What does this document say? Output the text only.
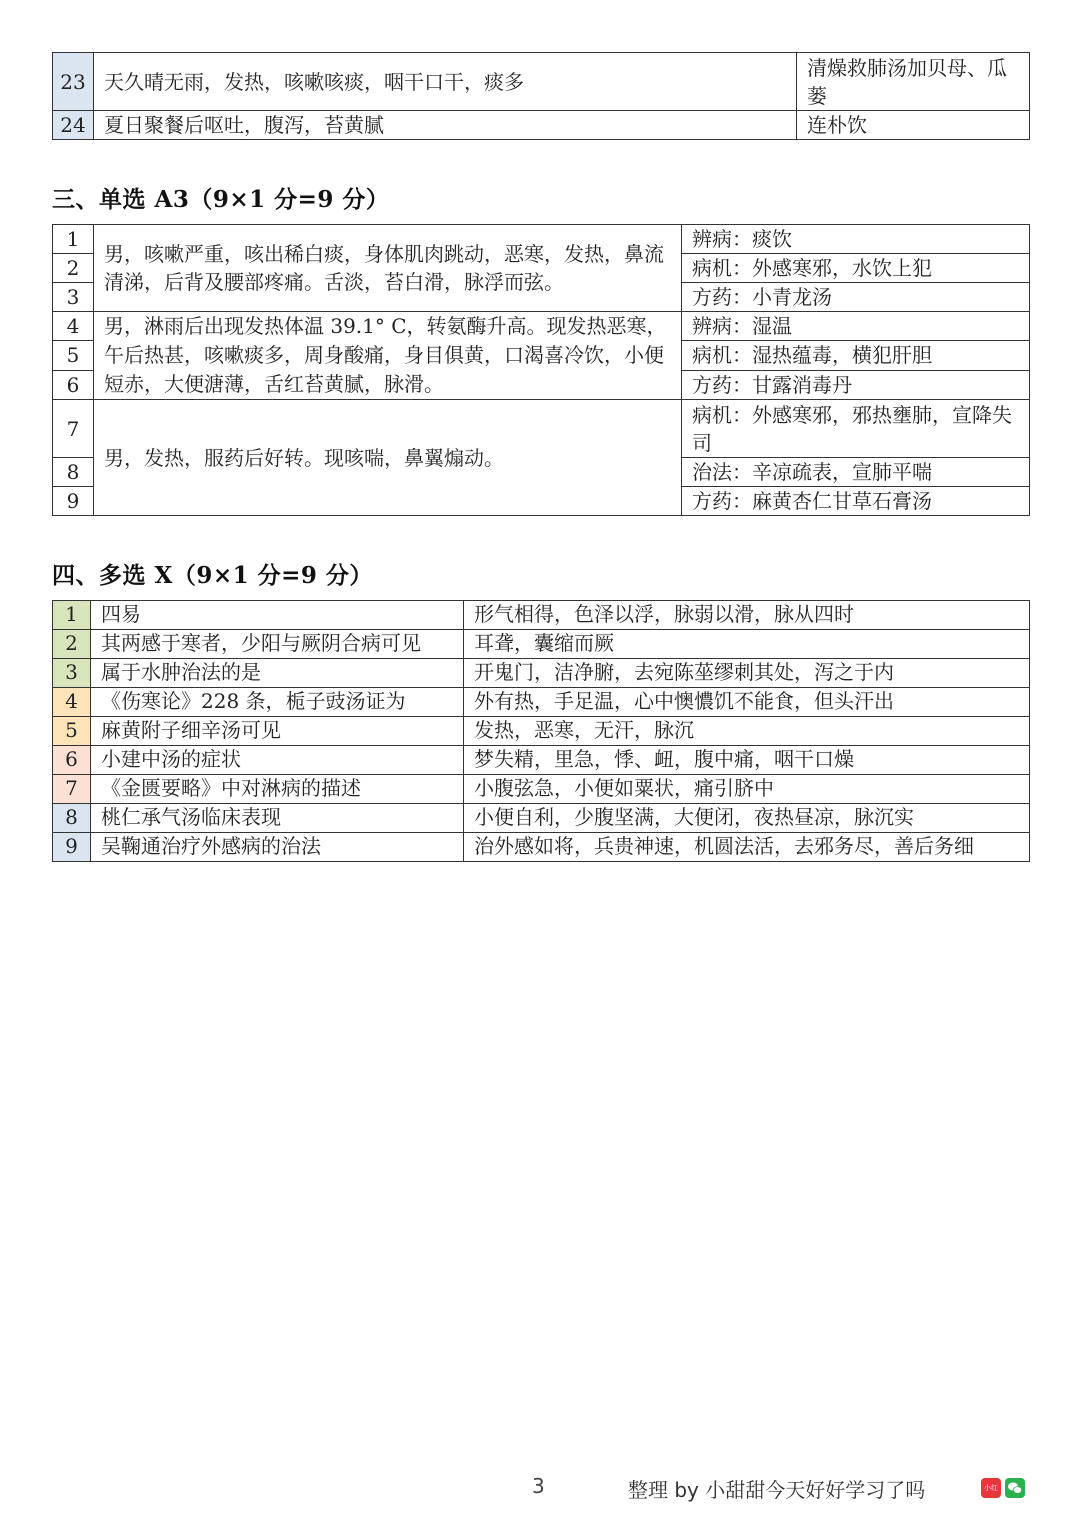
23	天久晴无雨，发热，咳嗽咳痰，咽干口干，痰多	清燥救肺汤加贝母、瓜蒌
24	夏日聚餐后呕吐，腹泻，苔黄腻	连朴饮
三、单选 A3（9×1 分=9 分）
1	男，咳嗽严重，咳出稀白痰，身体肌肉跳动，恶寒，发热，鼻流清涕，后背及腰部疼痛。舌淡，苔白滑，脉浮而弦。	辨病：痰饮
2		病机：外感寒邪，水饮上犯
3		方药：小青龙汤
4	男，淋雨后出现发热体温 39.1° C，转氨酶升高。现发热恶寒，午后热甚，咳嗽痰多，周身酸痛，身目俱黄，口渴喜冷饮，小便短赤，大便溏薄，舌红苔黄腻，脉滑。	辨病：湿温
5		病机：湿热蕴毒，横犯肝胆
6		方药：甘露消毒丹
7	男，发热，服药后好转。现咳喘，鼻翼煽动。	病机：外感寒邪，邪热壅肺，宣降失司
8		治法：辛凉疏表，宣肺平喘
9		方药：麻黄杏仁甘草石膏汤
四、多选 X（9×1 分=9 分）
1	四易	形气相得，色泽以浮，脉弱以滑，脉从四时
2	其两感于寒者，少阳与厥阴合病可见	耳聋，囊缩而厥
3	属于水肿治法的是	开鬼门，洁净腑，去宛陈莝缪刺其处，泻之于内
4	《伤寒论》228 条，栀子豉汤证为	外有热，手足温，心中懊憹饥不能食，但头汗出
5	麻黄附子细辛汤可见	发热，恶寒，无汗，脉沉
6	小建中汤的症状	梦失精，里急，悸、衄，腹中痛，咽干口燥
7	《金匮要略》中对淋病的描述	小腹弦急，小便如粟状，痛引脐中
8	桃仁承气汤临床表现	小便自利，少腹坚满，大便闭，夜热昼凉，脉沉实
9	吴鞠通治疗外感病的治法	治外感如将，兵贵神速，机圆法活，去邪务尽，善后务细
3	整理 by 小甜甜今天好好学习了吗	小红书
